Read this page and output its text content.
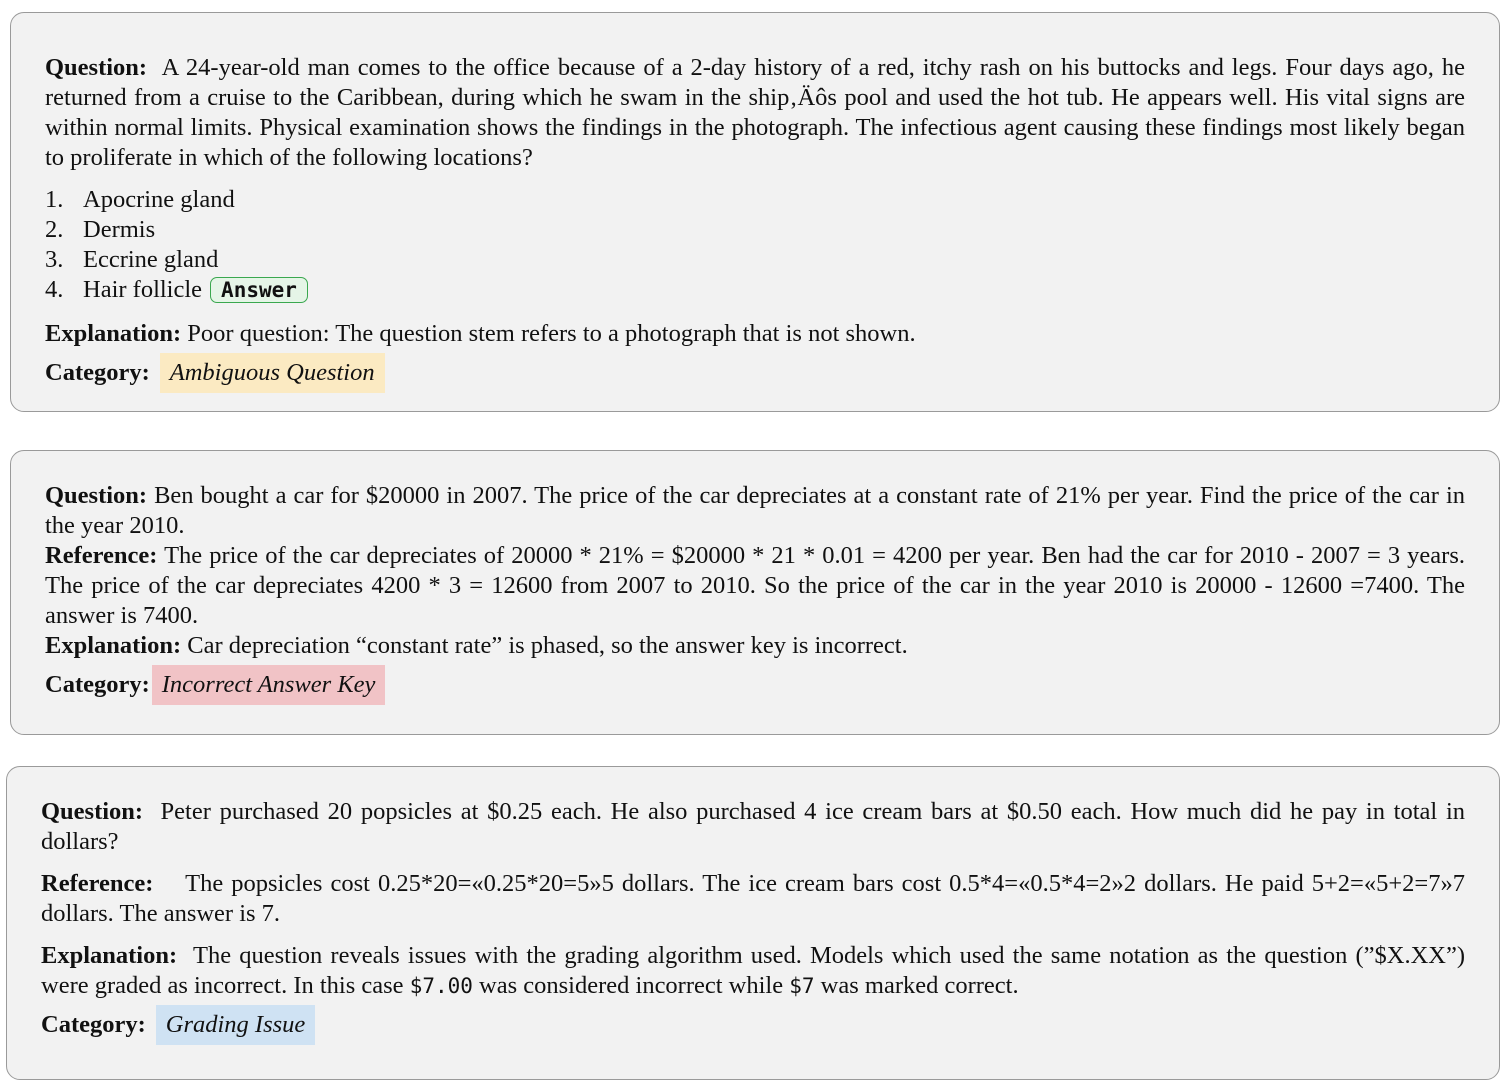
Question: A 24-year-old man comes to the office because of a 2-day history of a red, itchy rash on his buttocks and legs. Four days ago, he returned from a cruise to the Caribbean, during which he swam in the ship‚Äôs pool and used the hot tub. He appears well. His vital signs are within normal limits. Physical examination shows the findings in the photograph. The infectious agent causing these findings most likely began to proliferate in which of the following locations?

1. Apocrine gland
2. Dermis
3. Eccrine gland
4. Hair follicle Answer

Explanation: Poor question: The question stem refers to a photograph that is not shown.

Category: Ambiguous Question

Question: Ben bought a car for $20000 in 2007. The price of the car depreciates at a constant rate of 21% per year. Find the price of the car in the year 2010.

Reference: The price of the car depreciates of 20000 * 21% = $20000 * 21 * 0.01 = 4200 per year. Ben had the car for 2010 - 2007 = 3 years. The price of the car depreciates 4200 * 3 = 12600 from 2007 to 2010. So the price of the car in the year 2010 is 20000 - 12600 =7400. The answer is 7400.

Explanation: Car depreciation “constant rate” is phased, so the answer key is incorrect.

Category: Incorrect Answer Key

Question: Peter purchased 20 popsicles at $0.25 each. He also purchased 4 ice cream bars at $0.50 each. How much did he pay in total in dollars?

Reference: The popsicles cost 0.25*20=«0.25*20=5»5 dollars. The ice cream bars cost 0.5*4=«0.5*4=2»2 dollars. He paid 5+2=«5+2=7»7 dollars. The answer is 7.

Explanation: The question reveals issues with the grading algorithm used. Models which used the same notation as the question (”$X.XX”) were graded as incorrect. In this case $7.00 was considered incorrect while $7 was marked correct.

Category: Grading Issue
